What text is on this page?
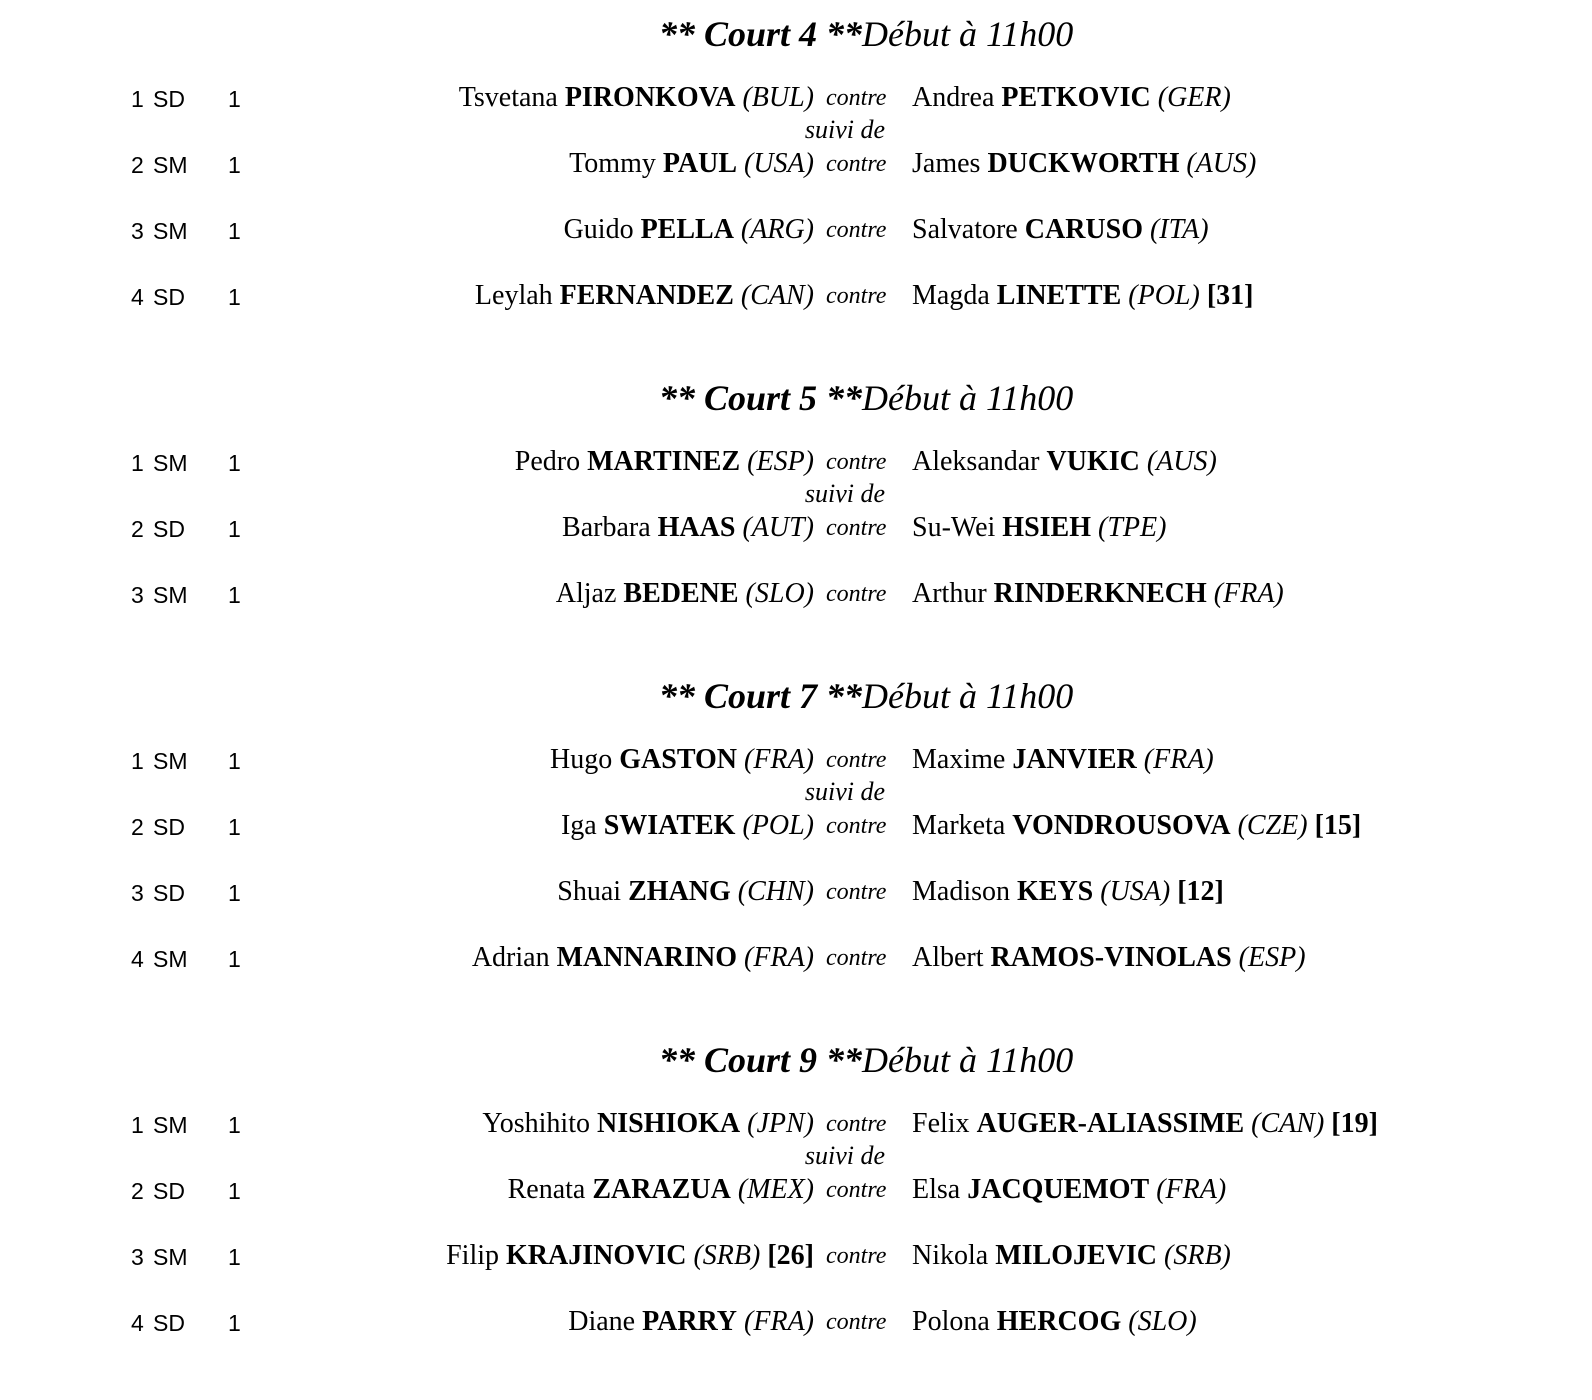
** Court 4 ** Début à 11h00
1 SD 1	Tsvetana PIRONKOVA (BUL) contre Andrea PETKOVIC (GER)
suivi de
2 SM 1	Tommy PAUL (USA) contre James DUCKWORTH (AUS)
3 SM 1	Guido PELLA (ARG) contre Salvatore CARUSO (ITA)
4 SD 1	Leylah FERNANDEZ (CAN) contre Magda LINETTE (POL) [31]
** Court 5 ** Début à 11h00
1 SM 1	Pedro MARTINEZ (ESP) contre Aleksandar VUKIC (AUS)
suivi de
2 SD 1	Barbara HAAS (AUT) contre Su-Wei HSIEH (TPE)
3 SM 1	Aljaz BEDENE (SLO) contre Arthur RINDERKNECH (FRA)
** Court 7 ** Début à 11h00
1 SM 1	Hugo GASTON (FRA) contre Maxime JANVIER (FRA)
suivi de
2 SD 1	Iga SWIATEK (POL) contre Marketa VONDROUSOVA (CZE) [15]
3 SD 1	Shuai ZHANG (CHN) contre Madison KEYS (USA) [12]
4 SM 1	Adrian MANNARINO (FRA) contre Albert RAMOS-VINOLAS (ESP)
** Court 9 ** Début à 11h00
1 SM 1	Yoshihito NISHIOKA (JPN) contre Felix AUGER-ALIASSIME (CAN) [19]
suivi de
2 SD 1	Renata ZARAZUA (MEX) contre Elsa JACQUEMOT (FRA)
3 SM 1	Filip KRAJINOVIC (SRB) [26] contre Nikola MILOJEVIC (SRB)
4 SD 1	Diane PARRY (FRA) contre Polona HERCOG (SLO)
